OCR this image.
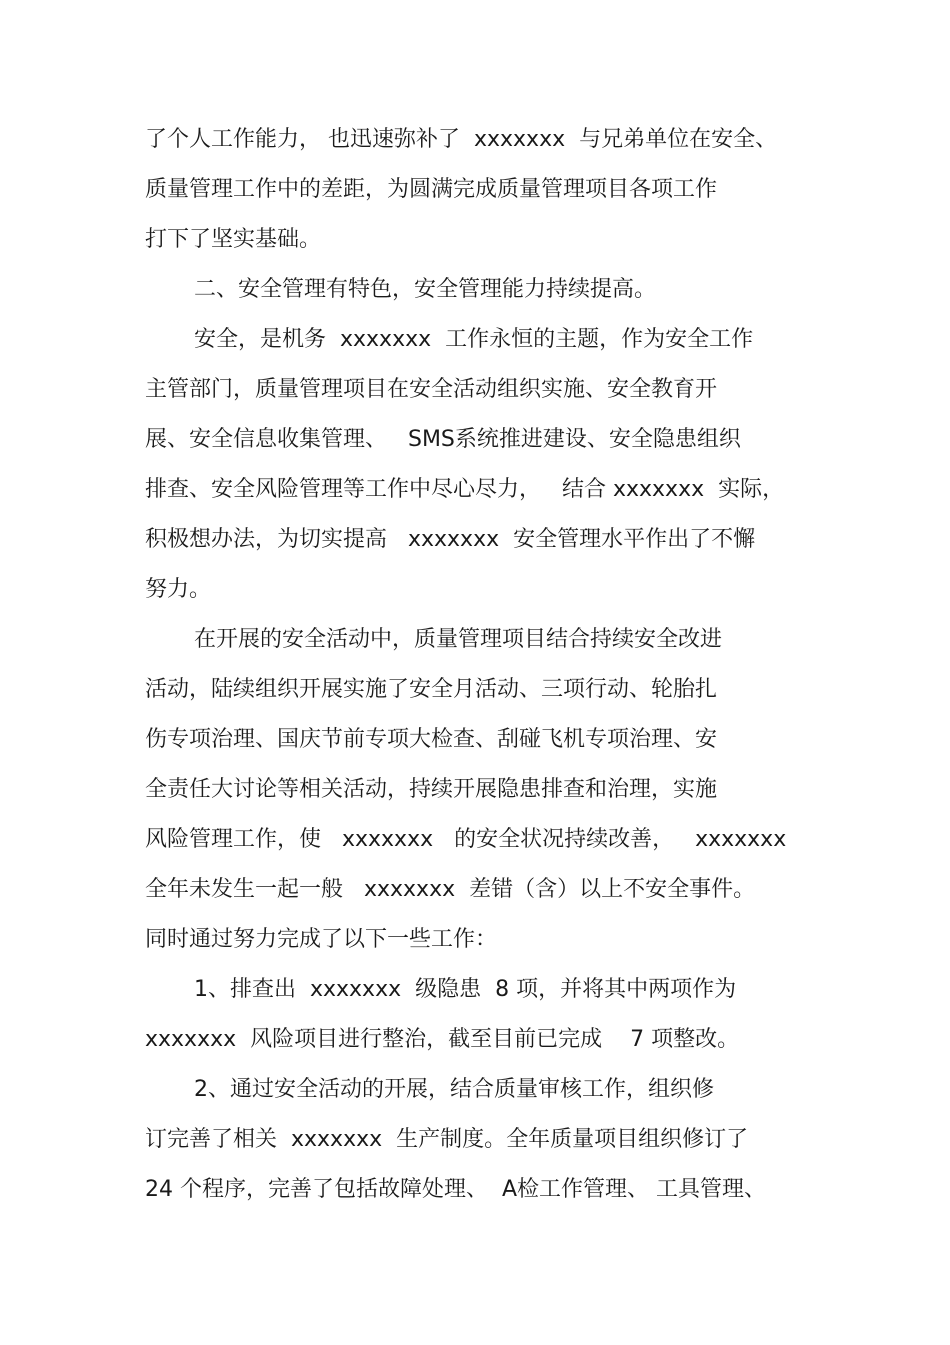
了个人工作能力， 也迅速弥补了  xxxxxxx  与兄弟单位在安全、
质量管理工作中的差距，为圆满完成质量管理项目各项工作
打下了坚实基础。
二、安全管理有特色，安全管理能力持续提高。
安全，是机务  xxxxxxx  工作永恒的主题，作为安全工作
主管部门，质量管理项目在安全活动组织实施、安全教育开
展、安全信息收集管理、   SMS系统推进建设、安全隐患组织
排查、安全风险管理等工作中尽心尽力，   结合 xxxxxxx  实际，
积极想办法，为切实提高   xxxxxxx  安全管理水平作出了不懈
努力。
在开展的安全活动中，质量管理项目结合持续安全改进
活动，陆续组织开展实施了安全月活动、三项行动、轮胎扎
伤专项治理、国庆节前专项大检查、刮碰飞机专项治理、安
全责任大讨论等相关活动，持续开展隐患排查和治理，实施
风险管理工作，使   xxxxxxx   的安全状况持续改善，   xxxxxxx
全年未发生一起一般   xxxxxxx  差错（含）以上不安全事件。
同时通过努力完成了以下一些工作：
1、排查出  xxxxxxx  级隐患  8 项，并将其中两项作为
xxxxxxx  风险项目进行整治，截至目前已完成    7 项整改。
2、通过安全活动的开展，结合质量审核工作，组织修
订完善了相关  xxxxxxx  生产制度。全年质量项目组织修订了
24 个程序，完善了包括故障处理、  A检工作管理、 工具管理、
